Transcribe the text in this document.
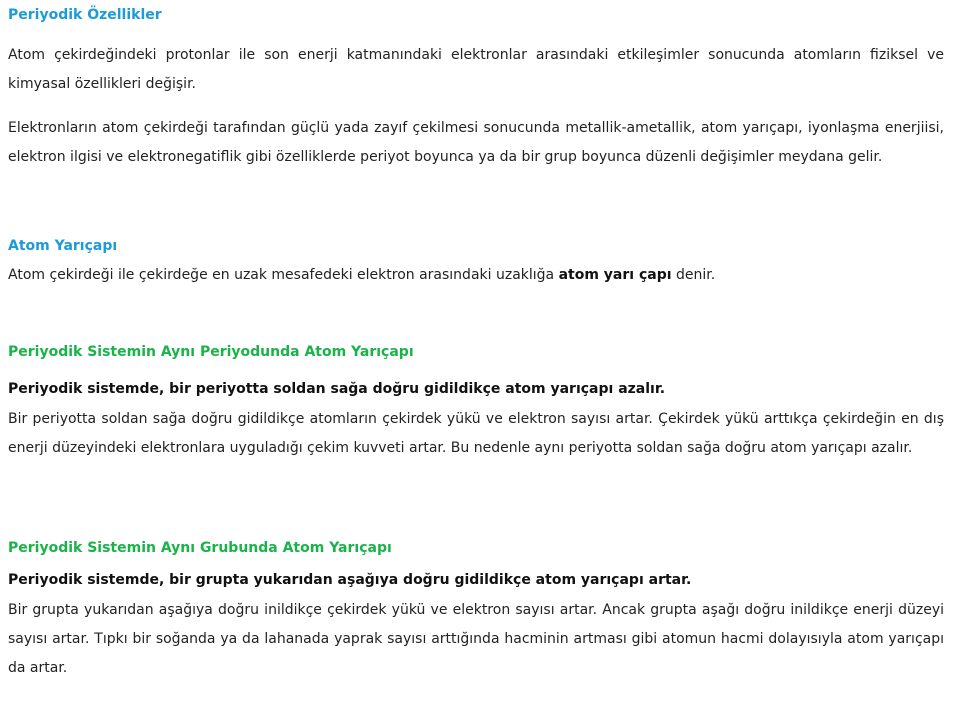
Periyodik Özellikler

Atom çekirdeğindeki protonlar ile son enerji katmanındaki elektronlar arasındaki etkileşimler sonucunda atomların fiziksel ve kimyasal özellikleri değişir.

Elektronların atom çekirdeği tarafından güçlü yada zayıf çekilmesi sonucunda metallik-ametallik, atom yarıçapı, iyonlaşma enerjiisi, elektron ilgisi ve elektronegatiflik gibi özelliklerde periyot boyunca ya da bir grup boyunca düzenli değişimler meydana gelir.

Atom Yarıçapı

Atom çekirdeği ile çekirdeğe en uzak mesafedeki elektron arasındaki uzaklığa atom yarı çapı denir.

Periyodik Sistemin Aynı Periyodunda Atom Yarıçapı
Periyodik sistemde, bir periyotta soldan sağa doğru gidildikçe atom yarıçapı azalır.

Bir periyotta soldan sağa doğru gidildikçe atomların çekirdek yükü ve elektron sayısı artar. Çekirdek yükü arttıkça çekirdeğin en dış enerji düzeyindeki elektronlara uyguladığı çekim kuvveti artar. Bu nedenle aynı periyotta soldan sağa doğru atom yarıçapı azalır.

Periyodik Sistemin Aynı Grubunda Atom Yarıçapı
Periyodik sistemde, bir grupta yukarıdan aşağıya doğru gidildikçe atom yarıçapı artar.

Bir grupta yukarıdan aşağıya doğru inildikçe çekirdek yükü ve elektron sayısı artar. Ancak grupta aşağı doğru inildikçe enerji düzeyi sayısı artar. Tıpkı bir soğanda ya da lahanada yaprak sayısı arttığında hacminin artması gibi atomun hacmi dolayısıyla atom yarıçapı da artar.
